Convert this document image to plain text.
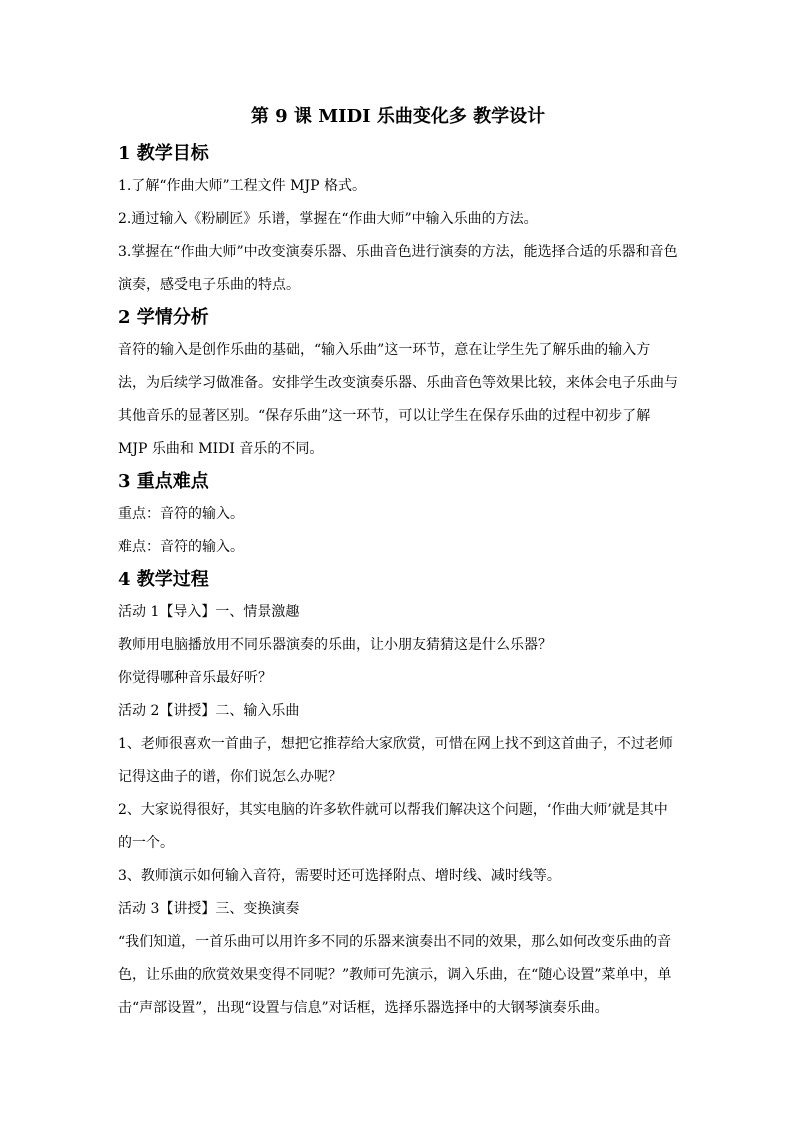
第 9 课 MIDI 乐曲变化多 教学设计
1 教学目标

1.了解“作曲大师”工程文件 MJP 格式。

2.通过输入《粉刷匠》乐谱，掌握在“作曲大师”中输入乐曲的方法。

3.掌握在“作曲大师”中改变演奏乐器、乐曲音色进行演奏的方法，能选择合适的乐器和音色演奏，感受电子乐曲的特点。

2 学情分析

音符的输入是创作乐曲的基础，“输入乐曲”这一环节，意在让学生先了解乐曲的输入方法，为后续学习做准备。安排学生改变演奏乐器、乐曲音色等效果比较，来体会电子乐曲与其他音乐的显著区别。“保存乐曲”这一环节，可以让学生在保存乐曲的过程中初步了解 MJP 乐曲和 MIDI 音乐的不同。

3 重点难点

重点：音符的输入。

难点：音符的输入。

4 教学过程

活动 1【导入】一、情景激趣

教师用电脑播放用不同乐器演奏的乐曲，让小朋友猜猜这是什么乐器？

你觉得哪种音乐最好听？

活动 2【讲授】二、输入乐曲

1、老师很喜欢一首曲子，想把它推荐给大家欣赏，可惜在网上找不到这首曲子，不过老师记得这曲子的谱，你们说怎么办呢？

2、大家说得很好，其实电脑的许多软件就可以帮我们解决这个问题，‘作曲大师’就是其中的一个。

3、教师演示如何输入音符，需要时还可选择附点、增时线、减时线等。

活动 3【讲授】三、变换演奏

“我们知道，一首乐曲可以用许多不同的乐器来演奏出不同的效果，那么如何改变乐曲的音色，让乐曲的欣赏效果变得不同呢？”教师可先演示，调入乐曲，在“随心设置”菜单中，单击“声部设置”，出现“设置与信息”对话框，选择乐器选择中的大钢琴演奏乐曲。
